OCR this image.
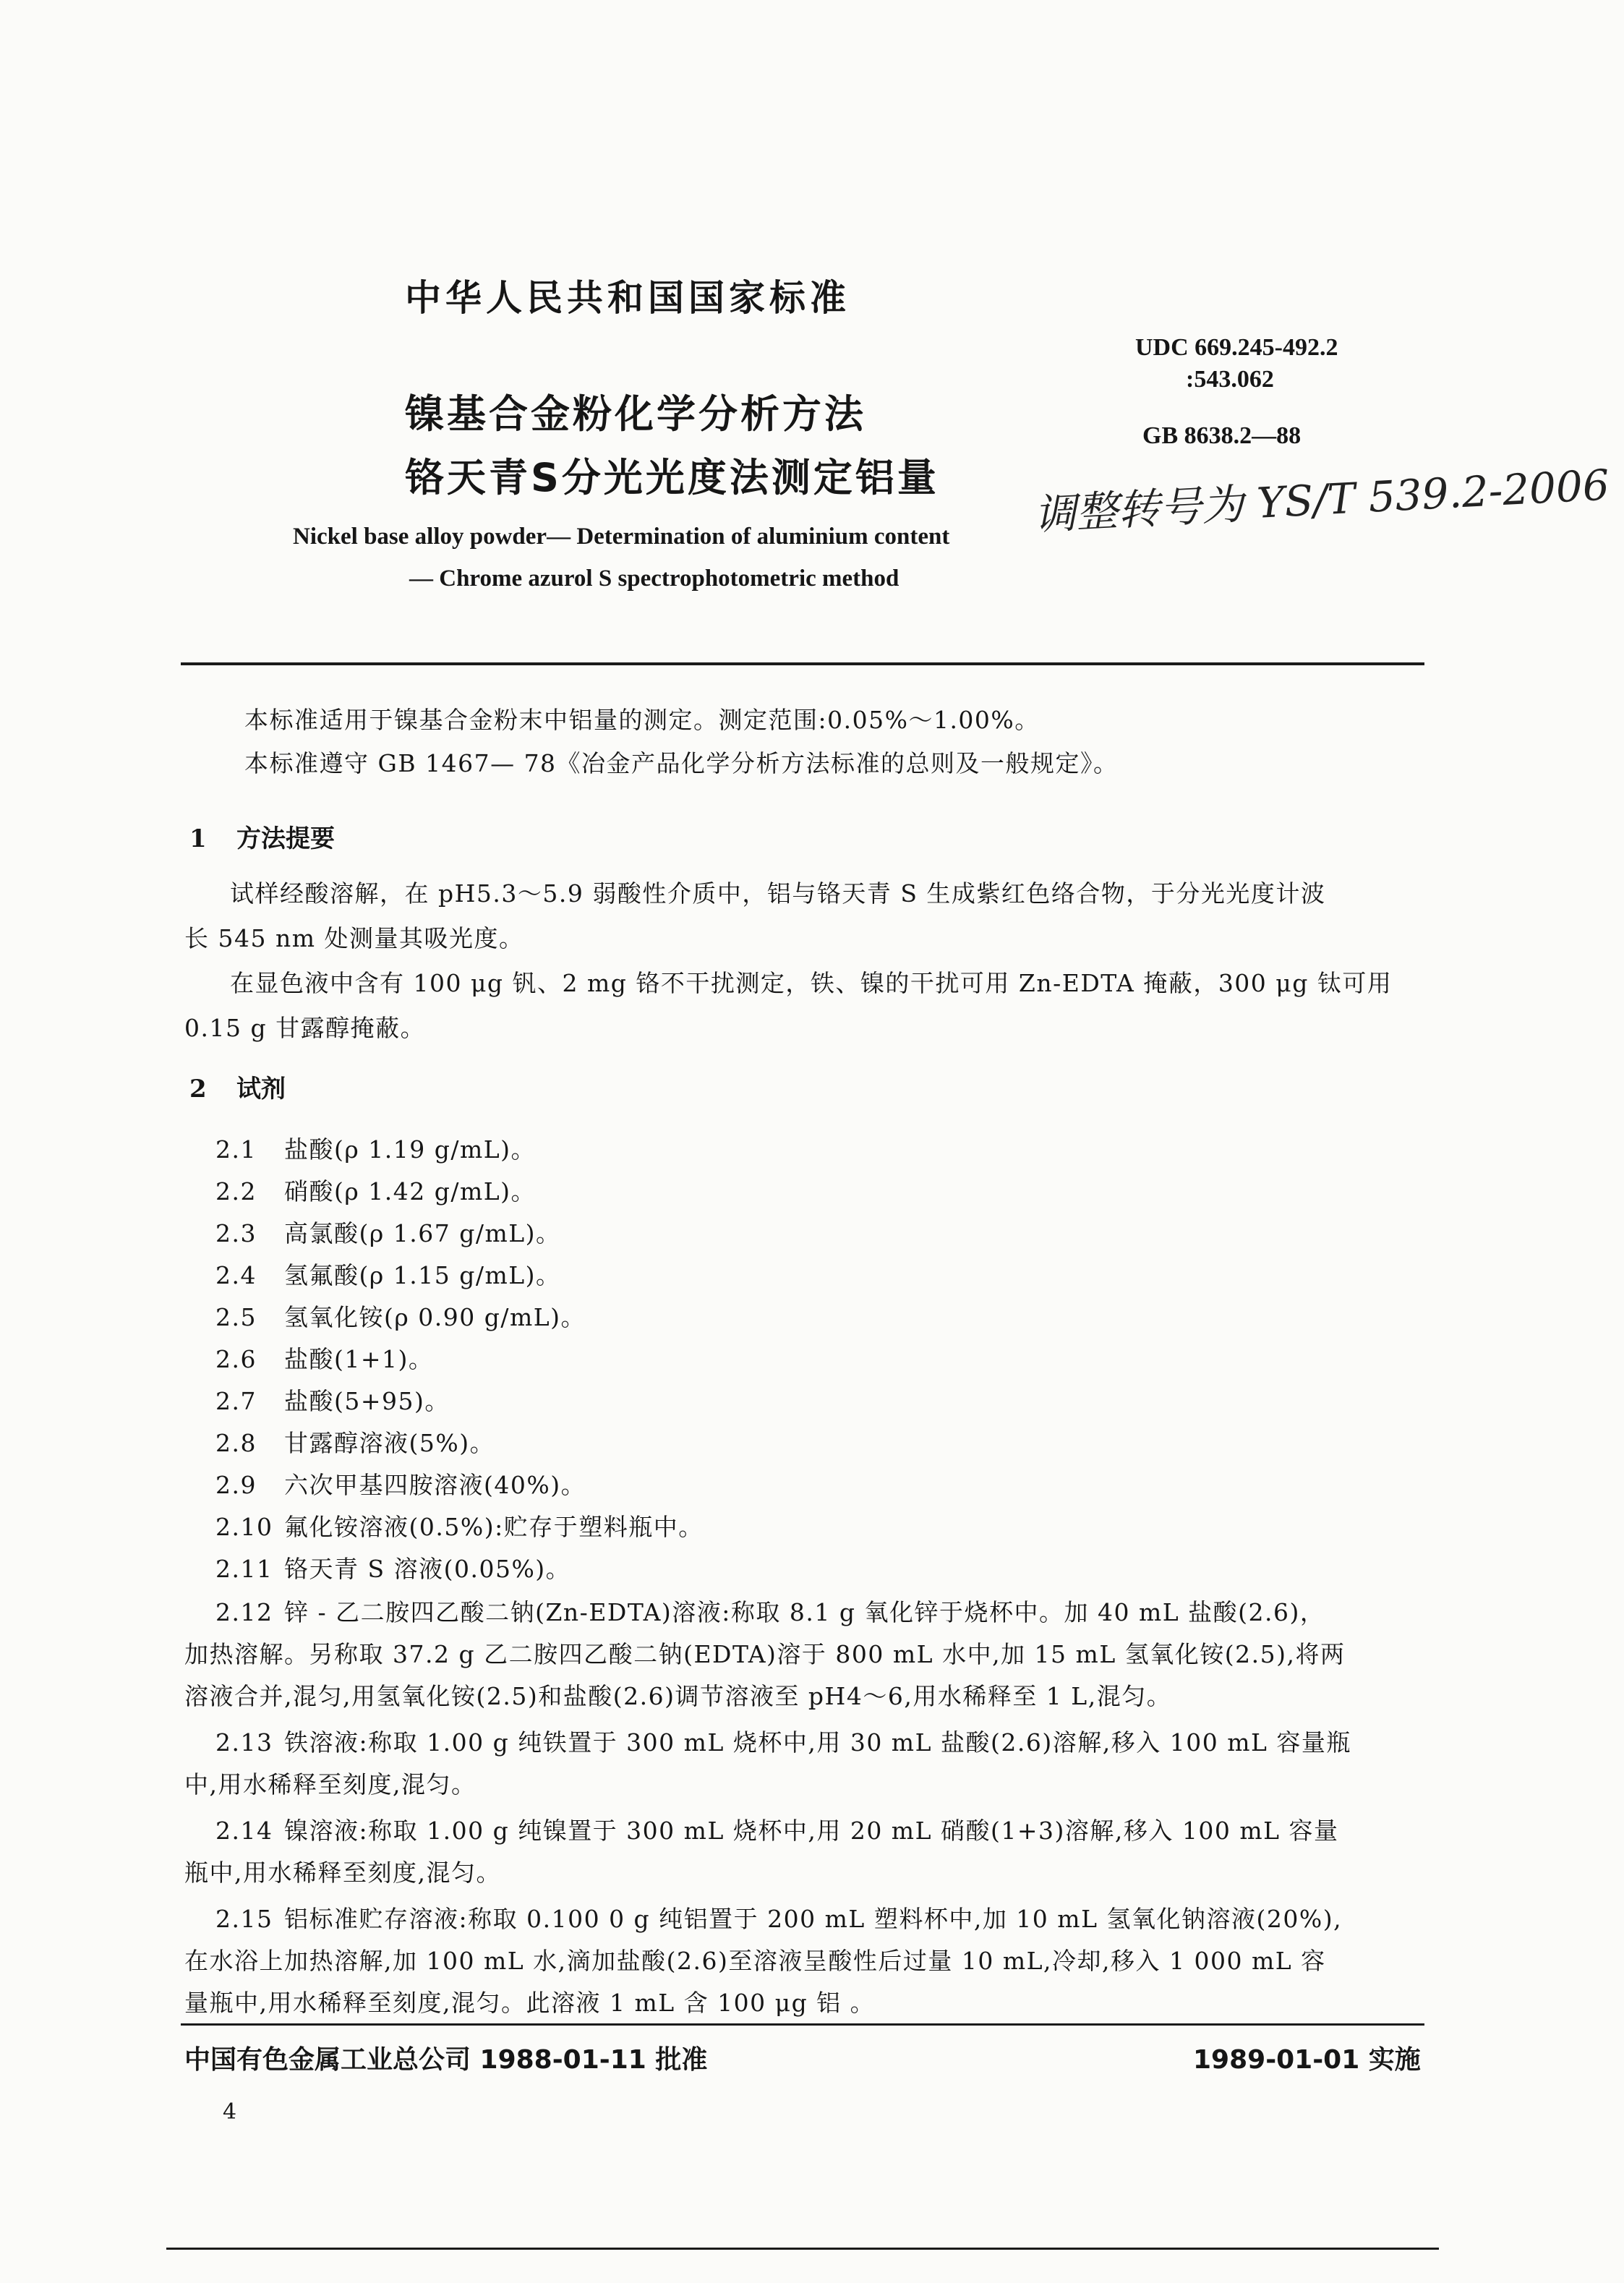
中华人民共和国国家标准
镍基合金粉化学分析方法
铬天青S分光光度法测定铝量
UDC 669.245-492.2
:543.062
GB 8638.2—88
Nickel base alloy powder— Determination of aluminium content
— Chrome azurol S spectrophotometric method
调整转号为 YS/T 539.2-2006
本标准适用于镍基合金粉末中铝量的测定。测定范围:0.05%～1.00%。
本标准遵守 GB 1467— 78《冶金产品化学分析方法标准的总则及一般规定》。
1 方法提要
试样经酸溶解，在 pH5.3～5.9 弱酸性介质中，铝与铬天青 S 生成紫红色络合物，于分光光度计波
长 545 nm 处测量其吸光度。
在显色液中含有 100 μg 钒、2 mg 铬不干扰测定，铁、镍的干扰可用 Zn-EDTA 掩蔽，300 μg 钛可用
0.15 g 甘露醇掩蔽。
2 试剂
2.1 盐酸(ρ 1.19 g/mL)。
2.2 硝酸(ρ 1.42 g/mL)。
2.3 高氯酸(ρ 1.67 g/mL)。
2.4 氢氟酸(ρ 1.15 g/mL)。
2.5 氢氧化铵(ρ 0.90 g/mL)。
2.6 盐酸(1+1)。
2.7 盐酸(5+95)。
2.8 甘露醇溶液(5%)。
2.9 六次甲基四胺溶液(40%)。
2.10 氟化铵溶液(0.5%):贮存于塑料瓶中。
2.11 铬天青 S 溶液(0.05%)。
2.12 锌 - 乙二胺四乙酸二钠(Zn-EDTA)溶液:称取 8.1 g 氧化锌于烧杯中。加 40 mL 盐酸(2.6)，
加热溶解。另称取 37.2 g 乙二胺四乙酸二钠(EDTA)溶于 800 mL 水中,加 15 mL 氢氧化铵(2.5),将两
溶液合并,混匀,用氢氧化铵(2.5)和盐酸(2.6)调节溶液至 pH4～6,用水稀释至 1 L,混匀。
2.13 铁溶液:称取 1.00 g 纯铁置于 300 mL 烧杯中,用 30 mL 盐酸(2.6)溶解,移入 100 mL 容量瓶
中,用水稀释至刻度,混匀。
2.14 镍溶液:称取 1.00 g 纯镍置于 300 mL 烧杯中,用 20 mL 硝酸(1+3)溶解,移入 100 mL 容量
瓶中,用水稀释至刻度,混匀。
2.15 铝标准贮存溶液:称取 0.100 0 g 纯铝置于 200 mL 塑料杯中,加 10 mL 氢氧化钠溶液(20%),
在水浴上加热溶解,加 100 mL 水,滴加盐酸(2.6)至溶液呈酸性后过量 10 mL,冷却,移入 1 000 mL 容
量瓶中,用水稀释至刻度,混匀。此溶液 1 mL 含 100 μg 铝 。
中国有色金属工业总公司 1988-01-11 批准	1989-01-01 实施
4
